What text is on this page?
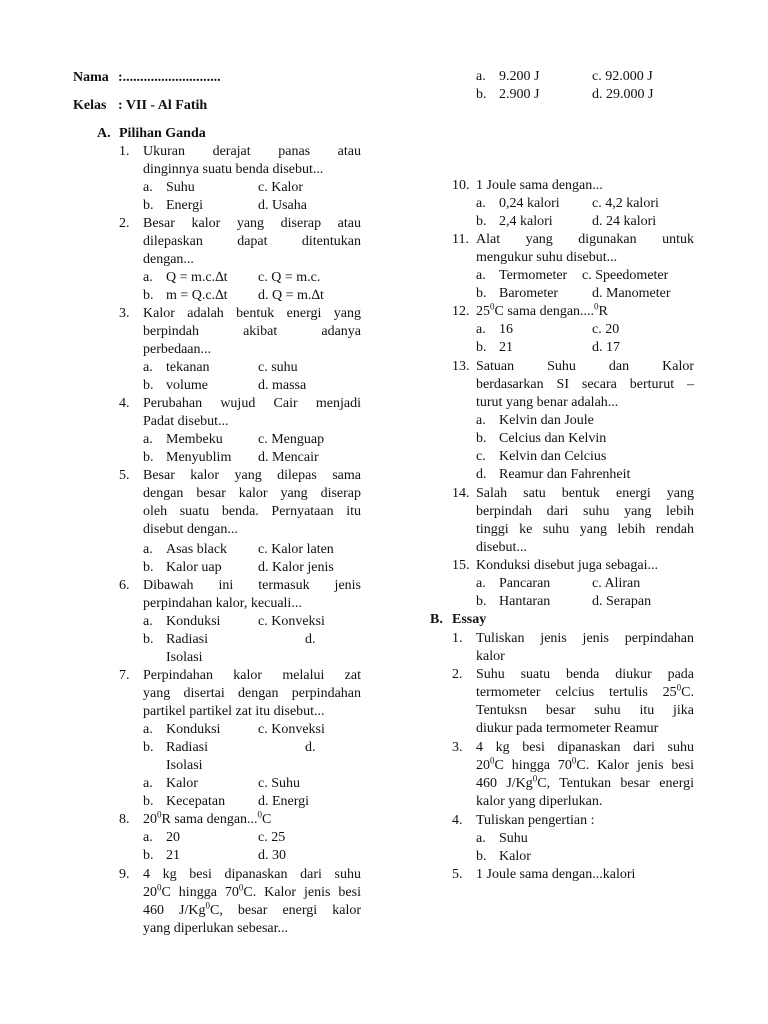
Nama :............................
Kelas : VII - Al Fatih
A. Pilihan Ganda
1. Ukuran derajat panas atau
dinginnya suatu benda disebut...
a. Suhu	c. Kalor
b. Energi	d. Usaha
2. Besar kalor yang diserap atau
dilepaskan dapat ditentukan
dengan...
a. Q = m.c.∆t c. Q = m.c.
b. m = Q.c.∆t d. Q = m.∆t
3. Kalor adalah bentuk energi yang
berpindah akibat adanya
perbedaan...
a. tekanan	c. suhu
b. volume	d. massa
4. Perubahan wujud Cair menjadi
Padat disebut...
a. Membeku	c. Menguap
b. Menyublim d. Mencair
5. Besar kalor yang dilepas sama
dengan besar kalor yang diserap
oleh suatu benda. Pernyataan itu
disebut dengan...
a. Asas black c. Kalor laten
b. Kalor uap	d. Kalor jenis
6. Dibawah ini termasuk jenis
perpindahan kalor, kecuali...
a. Konduksi	c. Konveksi
b. Radiasi	d.
Isolasi
7. Perpindahan kalor melalui zat
yang disertai dengan perpindahan
partikel partikel zat itu disebut...
a. Konduksi	c. Konveksi
b. Radiasi	d.
Isolasi
a. Kalor	c. Suhu
b. Kecepatan d. Energi
8. $20^0R$ sama dengan...$^0$C
a. 20	c. 25
b. 21	d. 30
9. 4 kg besi dipanaskan dari suhu
$20^0C$ hingga $70^0C$. Kalor jenis besi
460 J/Kg$^0$C, besar energi kalor
yang diperlukan sebesar...
a. 9.200 J	c. 92.000 J
b. 2.900 J	d. 29.000 J
10. 1 Joule sama dengan...
a. 0,24 kalori c. 4,2 kalori
b. 2,4 kalori	d. 24 kalori
11. Alat yang digunakan untuk
mengukur suhu disebut...
a. Termometer c. Speedometer
b. Barometer d. Manometer
12. $25^0C$ sama dengan....$^0$R
a. 16	c. 20
b. 21	d. 17
13. Satuan Suhu dan Kalor
berdasarkan SI secara berturut –
turut yang benar adalah...
a. Kelvin dan Joule
b. Celcius dan Kelvin
c. Kelvin dan Celcius
d. Reamur dan Fahrenheit
14. Salah satu bentuk energi yang
berpindah dari suhu yang lebih
tinggi ke suhu yang lebih rendah
disebut...
15. Konduksi disebut juga sebagai...
a. Pancaran	c. Aliran
b. Hantaran	d. Serapan
B. Essay
1. Tuliskan jenis jenis perpindahan
kalor
2. Suhu suatu benda diukur pada
termometer celcius tertulis $25^0C$.
Tentuksn besar suhu itu jika
diukur pada termometer Reamur
3. 4 kg besi dipanaskan dari suhu
$20^0C$ hingga $70^0C$. Kalor jenis besi
460 J/Kg$^0$C, Tentukan besar energi
kalor yang diperlukan.
4. Tuliskan pengertian :
a. Suhu
b. Kalor
5. 1 Joule sama dengan...kalori
